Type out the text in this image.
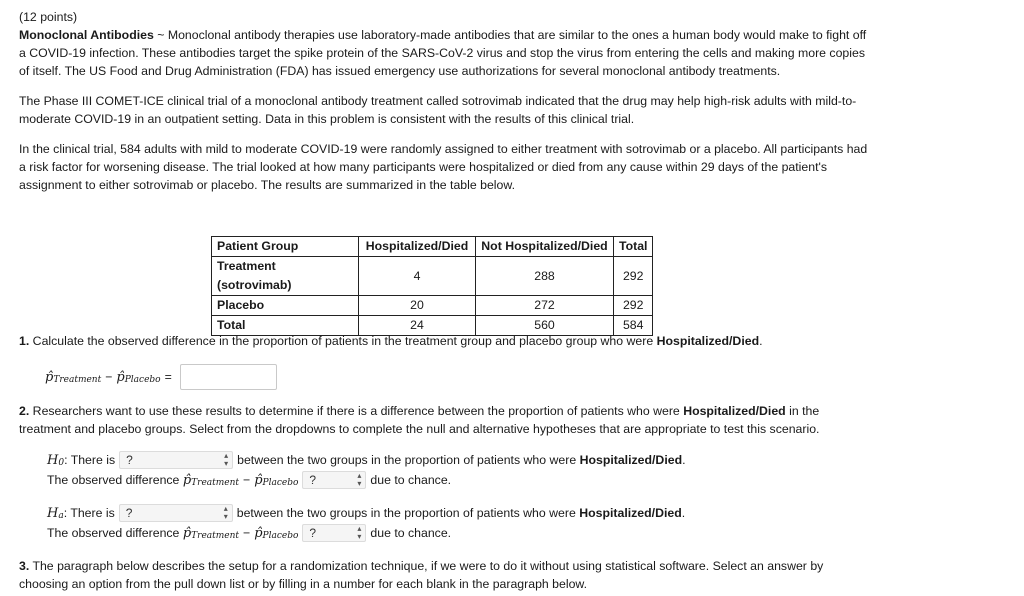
(12 points)

Monoclonal Antibodies ~ Monoclonal antibody therapies use laboratory-made antibodies that are similar to the ones a human body would make to fight off a COVID-19 infection. These antibodies target the spike protein of the SARS-CoV-2 virus and stop the virus from entering the cells and making more copies of itself. The US Food and Drug Administration (FDA) has issued emergency use authorizations for several monoclonal antibody treatments.

The Phase III COMET-ICE clinical trial of a monoclonal antibody treatment called sotrovimab indicated that the drug may help high-risk adults with mild-to-moderate COVID-19 in an outpatient setting. Data in this problem is consistent with the results of this clinical trial.

In the clinical trial, 584 adults with mild to moderate COVID-19 were randomly assigned to either treatment with sotrovimab or a placebo. All participants had a risk factor for worsening disease. The trial looked at how many participants were hospitalized or died from any cause within 29 days of the patient's assignment to either sotrovimab or placebo. The results are summarized in the table below.

Patient Group	Hospitalized/Died	Not Hospitalized/Died	Total
Treatment (sotrovimab)	4	288	292
Placebo	20	272	292
Total	24	560	584

1. Calculate the observed difference in the proportion of patients in the treatment group and placebo group who were Hospitalized/Died.

p̂ Treatment − p̂ Placebo =

2. Researchers want to use these results to determine if there is a difference between the proportion of patients who were Hospitalized/Died in the treatment and placebo groups. Select from the dropdowns to complete the null and alternative hypotheses that are appropriate to test this scenario.

H 0 : There is ?	▴
▾ between the two groups in the proportion of patients who were
Hospitalized/Died .
The observed difference
p̂ Treatment − p̂ Placebo ?	▴
▾ due to chance.
H a : There is ?	▴
▾ between the two groups in the proportion of patients who were
Hospitalized/Died .
The observed difference
p̂ Treatment − p̂ Placebo ?	▴
▾ due to chance.

3. The paragraph below describes the setup for a randomization technique, if we were to do it without using statistical software. Select an answer by choosing an option from the pull down list or by filling in a number for each blank in the paragraph below.
